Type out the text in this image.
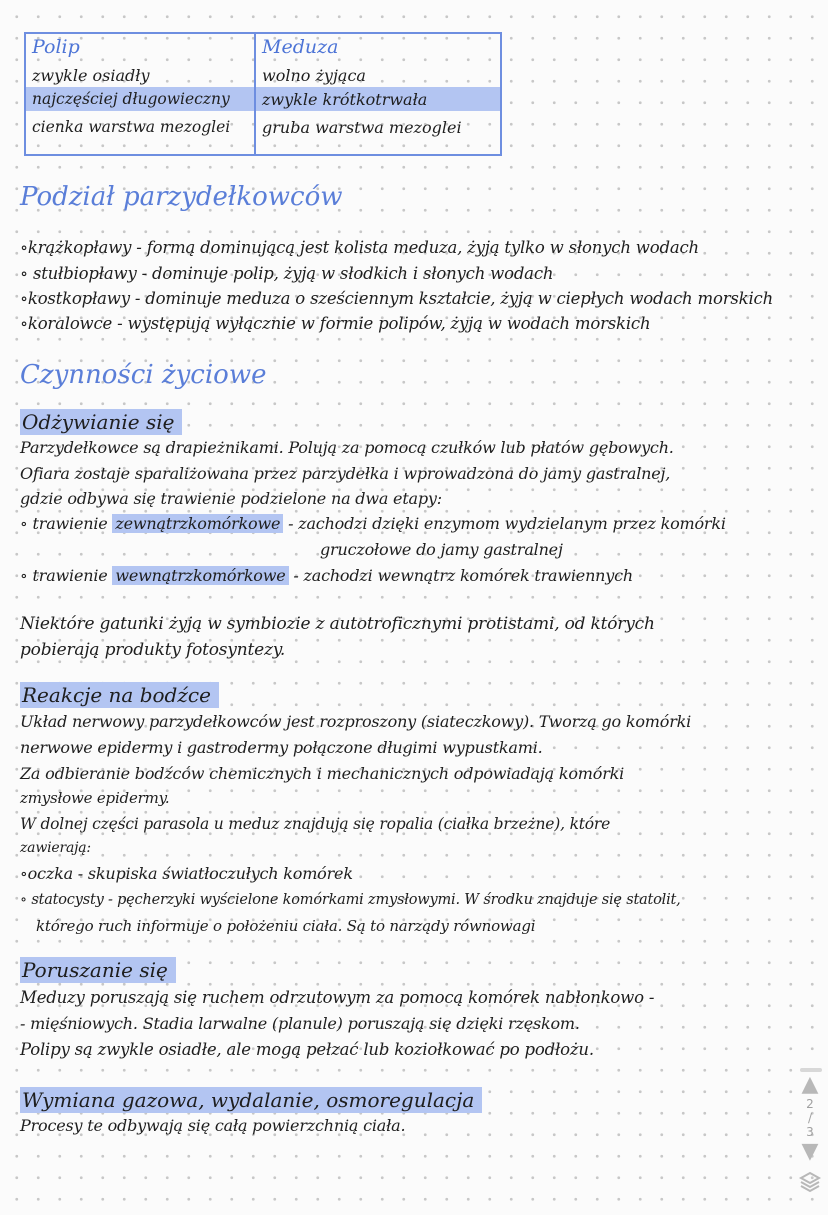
Polip	Meduza
zwykle osiadły	wolno żyjąca
najczęściej długowieczny zwykle krótkotrwała
cienka warstwa mezoglei gruba warstwa mezoglei
Podział parzydełkowców
∘krążkopławy - formą dominującą jest kolista meduza, żyją tylko w słonych wodach
∘ stułbiopławy - dominuje polip, żyją w słodkich i słonych wodach
∘kostkopławy - dominuje meduza o sześciennym kształcie, żyją w ciepłych wodach morskich
∘koralowce - występują wyłącznie w formie polipów, żyją w wodach morskich
Czynności życiowe
Odżywianie się
Parzydełkowce są drapieżnikami. Polują za pomocą czułków lub płatów gębowych.
Ofiara zostaje sparaliżowana przez parzydełka i wprowadzona do jamy gastralnej,
gdzie odbywa się trawienie podzielone na dwa etapy:
∘ trawienie zewnątrzkomórkowe - zachodzi dzięki enzymom wydzielanym przez komórki
gruczołowe do jamy gastralnej
∘ trawienie wewnątrzkomórkowe - zachodzi wewnątrz komórek trawiennych
Niektóre gatunki żyją w symbiozie z autotroficznymi protistami, od których
pobierają produkty fotosyntezy.
Reakcje na bodźce
Układ nerwowy parzydełkowców jest rozproszony (siateczkowy). Tworzą go komórki
nerwowe epidermy i gastrodermy połączone długimi wypustkami.
Za odbieranie bodźców chemicznych i mechanicznych odpowiadają komórki
zmysłowe epidermy.
W dolnej części parasola u meduz znajdują się ropalia (ciałka brzeżne), które
zawierają:
∘oczka - skupiska światłoczułych komórek
∘ statocysty - pęcherzyki wyścielone komórkami zmysłowymi. W środku znajduje się statolit,
którego ruch informuje o położeniu ciała. Są to narządy równowagi
Poruszanie się
Meduzy poruszają się ruchem odrzutowym za pomocą komórek nabłonkowo -
- mięśniowych. Stadia larwalne (planule) poruszają się dzięki rzęskom.
Polipy są zwykle osiadłe, ale mogą pełzać lub koziołkować po podłożu.
Wymiana gazowa, wydalanie, osmoregulacja
Procesy te odbywają się całą powierzchnią ciała.
▲
2
/
3
▼
